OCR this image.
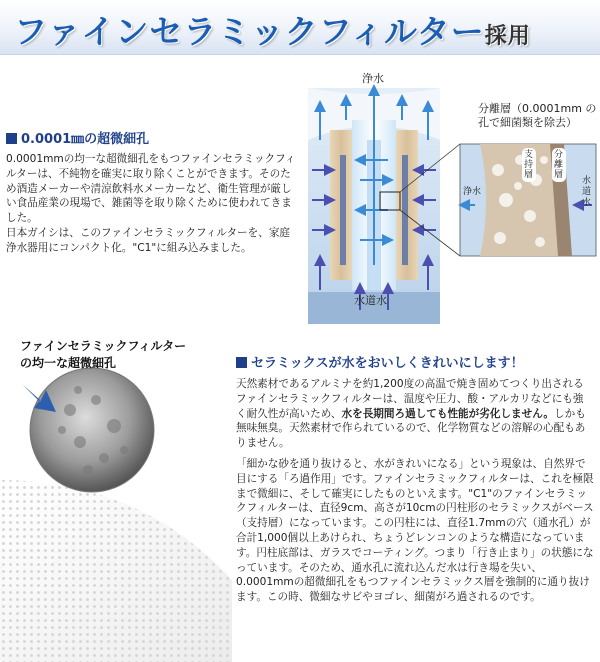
ファインセラミックフィルター採用
0.0001㎜の超微細孔
0.0001mmの均一な超微細孔をもつファインセラミックフィルターは、不純物を確実に取り除くことができます。そのため酒造メーカーや清涼飲料水メーカーなど、衛生管理が厳しい食品産業の現場で、雑菌等を取り除くために使われてきました。
日本ガイシは、このファインセラミックフィルターを、家庭浄水器用にコンパクト化。"C1"に組み込みました。
浄水
水道水
分離層（0.0001mm の孔で細菌類を除去）
浄水
水道水
支持層
分離層
ファインセラミックフィルター
の均一な超微細孔	セラミックスが水をおいしくきれいにします！

天然素材であるアルミナを約1,200度の高温で焼き固めてつくり出されるファインセラミックフィルターは、温度や圧力、酸・アルカリなどにも強く耐久性が高いため、水を長期間ろ過しても性能が劣化しません。しかも無味無臭。天然素材で作られているので、化学物質などの溶解の心配もありません。

「細かな砂を通り抜けると、水がきれいになる」という現象は、自然界で目にする「ろ過作用」です。ファインセラミックフィルターは、これを極限まで微細に、そして確実にしたものといえます。"C1"のファインセラミックフィルターは、直径9cm、高さが10cmの円柱形のセラミックスがベース（支持層）になっています。この円柱には、直径1.7mmの穴（通水孔）が合計1,000個以上あけられ、ちょうどレンコンのような構造になっています。円柱底部は、ガラスでコーティング。つまり「行き止まり」の状態になっています。そのため、通水孔に流れ込んだ水は行き場を失い、0.0001mmの超微細孔をもつファインセラミックス層を強制的に通り抜けます。この時、微細なサビやヨゴレ、細菌がろ過されるのです。
